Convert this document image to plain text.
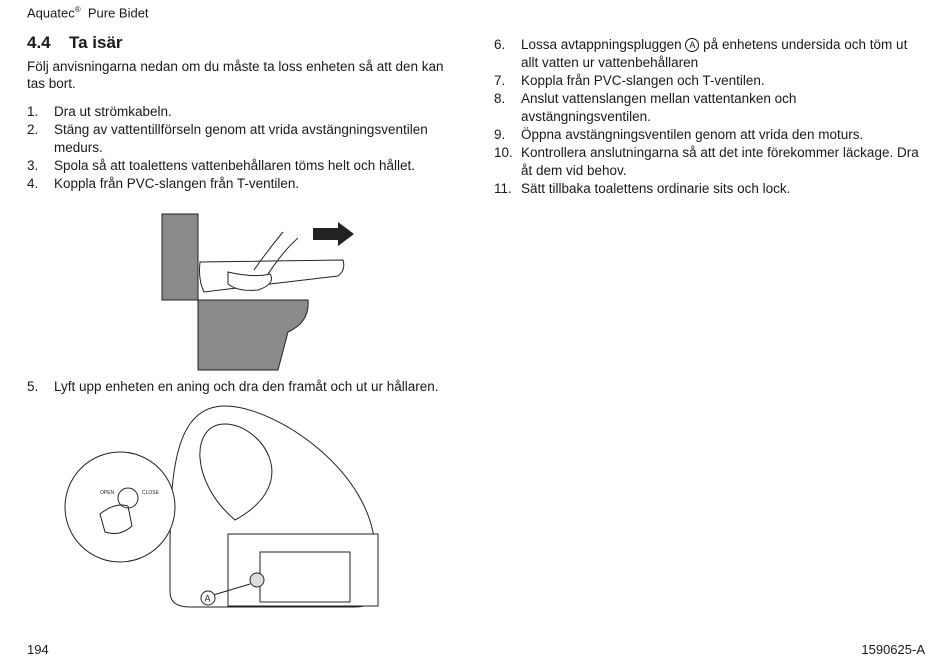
Aquatec® Pure Bidet
4.4 Ta isär

Följ anvisningarna nedan om du måste ta loss enheten så att den kan tas bort.

1. Dra ut strömkabeln.
2. Stäng av vattentillförseln genom att vrida avstängningsventilen medurs.
3. Spola så att toalettens vattenbehållaren töms helt och hållet.
4. Koppla från PVC-slangen från T-ventilen.
5. Lyft upp enheten en aning och dra den framåt och ut ur hållaren.
OPEN	CLOSE
A
6. Lossa avtappningspluggen A på enhetens undersida och töm ut allt vatten ur vattenbehållaren
7. Koppla från PVC-slangen och T-ventilen.
8. Anslut vattenslangen mellan vattentanken och avstängningsventilen.
9. Öppna avstängningsventilen genom att vrida den moturs.
10. Kontrollera anslutningarna så att det inte förekommer läckage. Dra åt dem vid behov.
11. Sätt tillbaka toalettens ordinarie sits och lock.
194	1590625-A
